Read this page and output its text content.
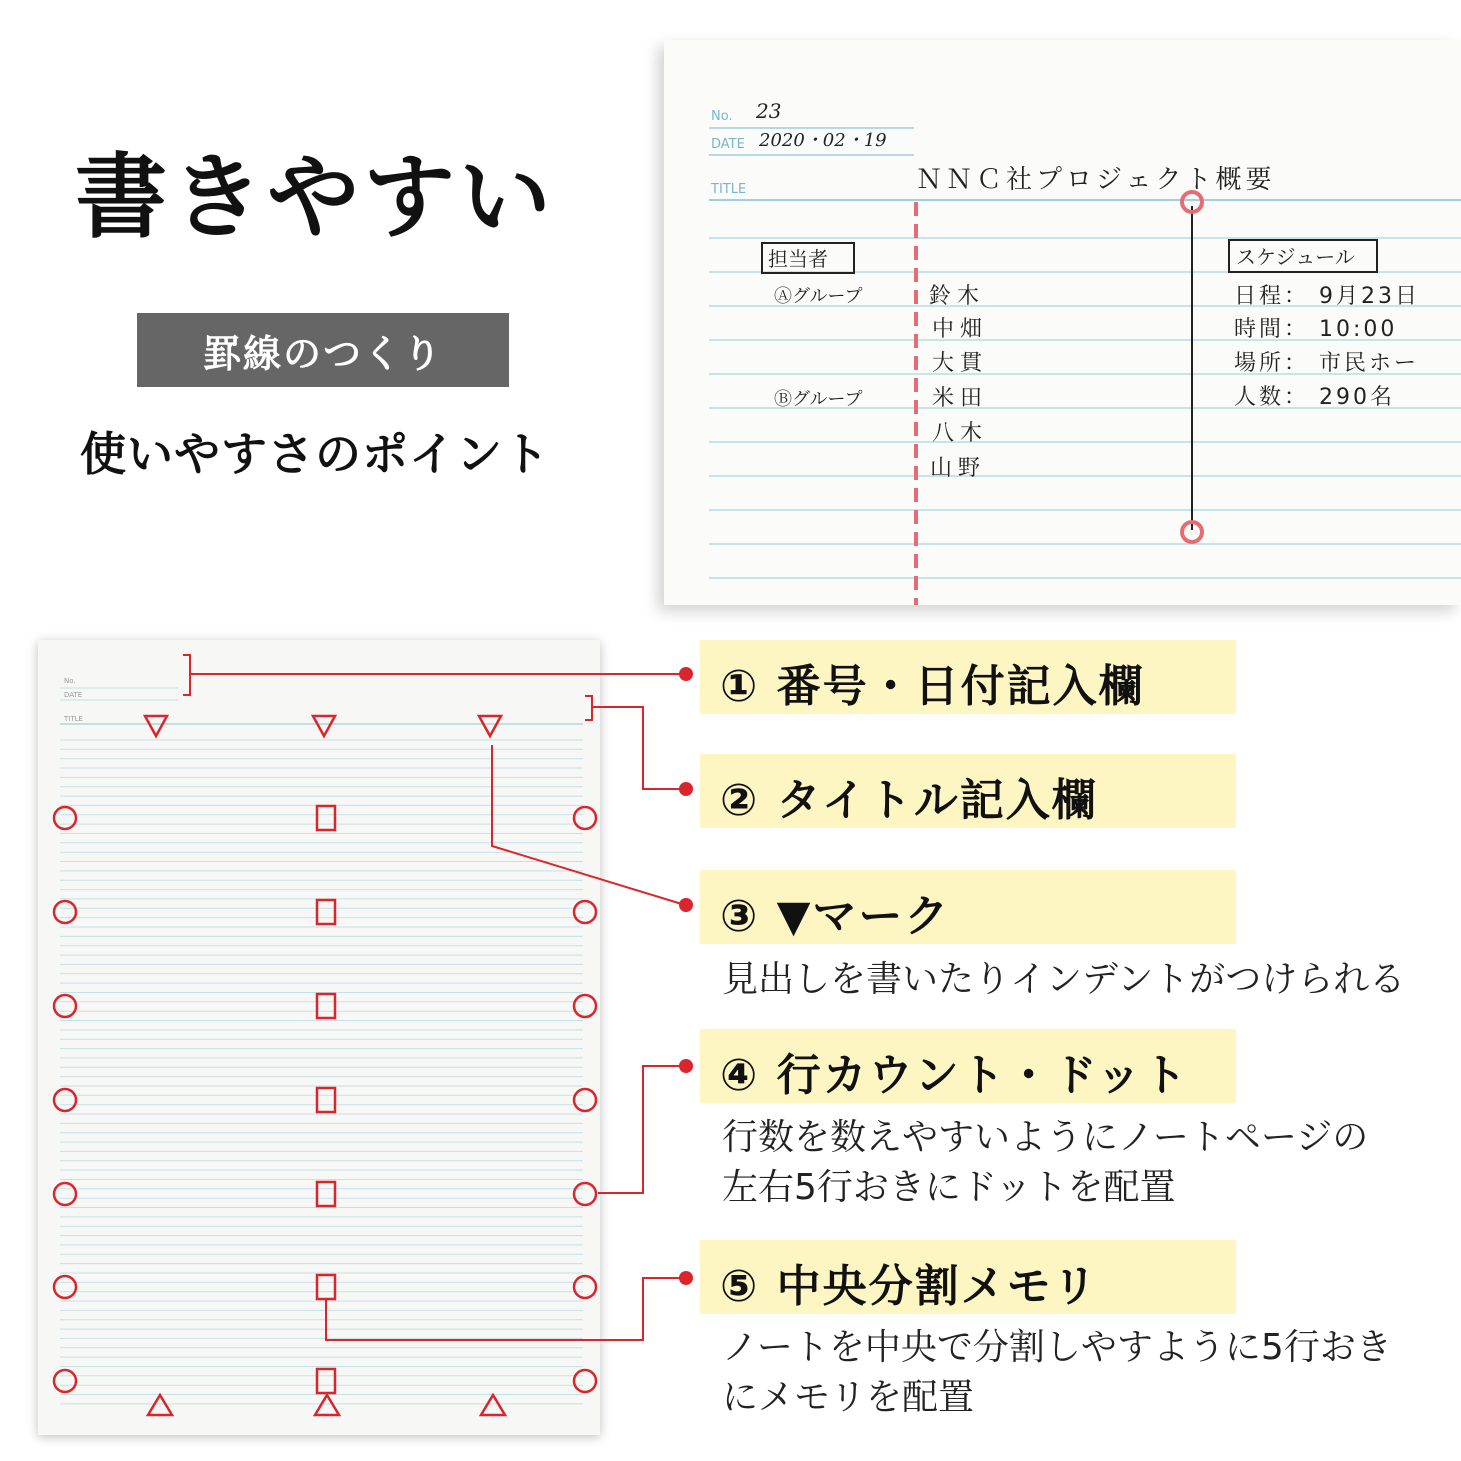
書きやすい
罫線のつくり
使いやすさのポイント
No.
DATE
TITLE
23
2020・02・19
ＮＮＣ社プロジェクト概要
担当者
Ⓐグループ
Ⓑグループ
鈴木
中畑
大貫
米田
八木
山野
スケジュール
日程： 9月23日
時間： 10:00
場所： 市民ホー
人数： 290名
No.
DATE
TITLE
① 番号・日付記入欄
② タイトル記入欄
③ ▼マーク
見出しを書いたりインデントがつけられる
④ 行カウント・ドット
行数を数えやすいようにノートページの
左右5行おきにドットを配置
⑤ 中央分割メモリ
ノートを中央で分割しやすように5行おき
にメモリを配置
